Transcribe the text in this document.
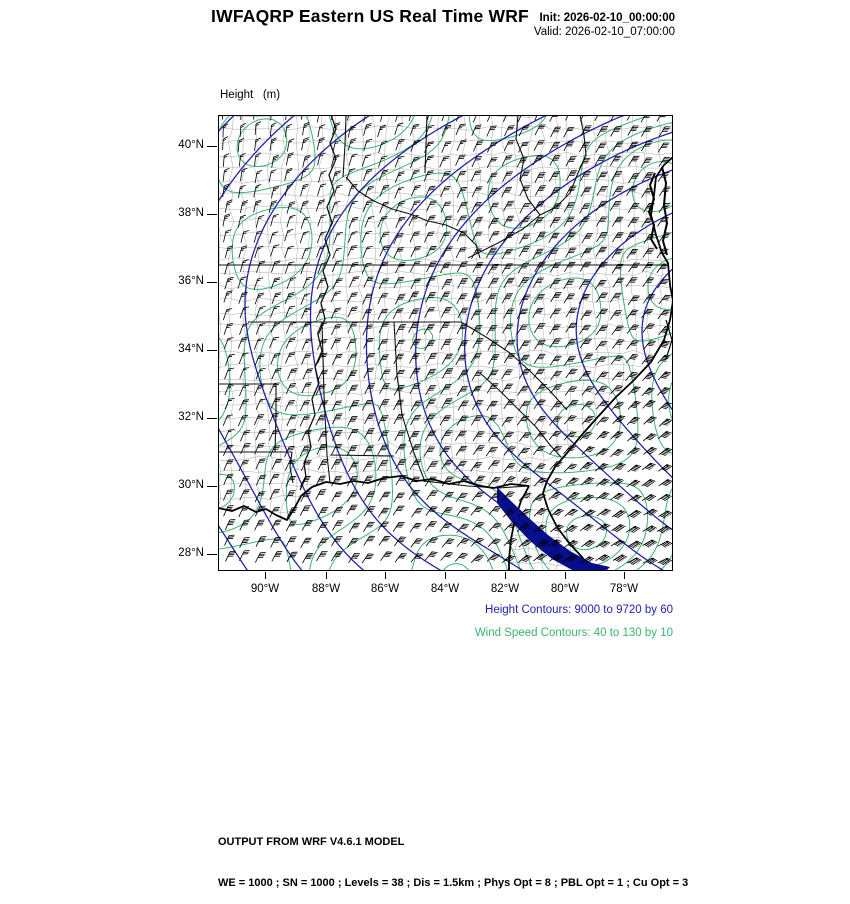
IWFAQRP Eastern US Real Time WRF Init: 2026-02-10_00:00:00
Valid: 2026-02-10_07:00:00

Height   (m)

40°N
38°N
36°N
34°N
32°N
30°N
28°N
90°W	88°W	86°W	84°W	82°W	80°W	78°W
Height Contours: 9000 to 9720 by 60
Wind Speed Contours: 40 to 130 by 10

OUTPUT FROM WRF V4.6.1 MODEL

WE = 1000 ; SN = 1000 ; Levels = 38 ; Dis = 1.5km ; Phys Opt = 8 ; PBL Opt = 1 ; Cu Opt = 3
